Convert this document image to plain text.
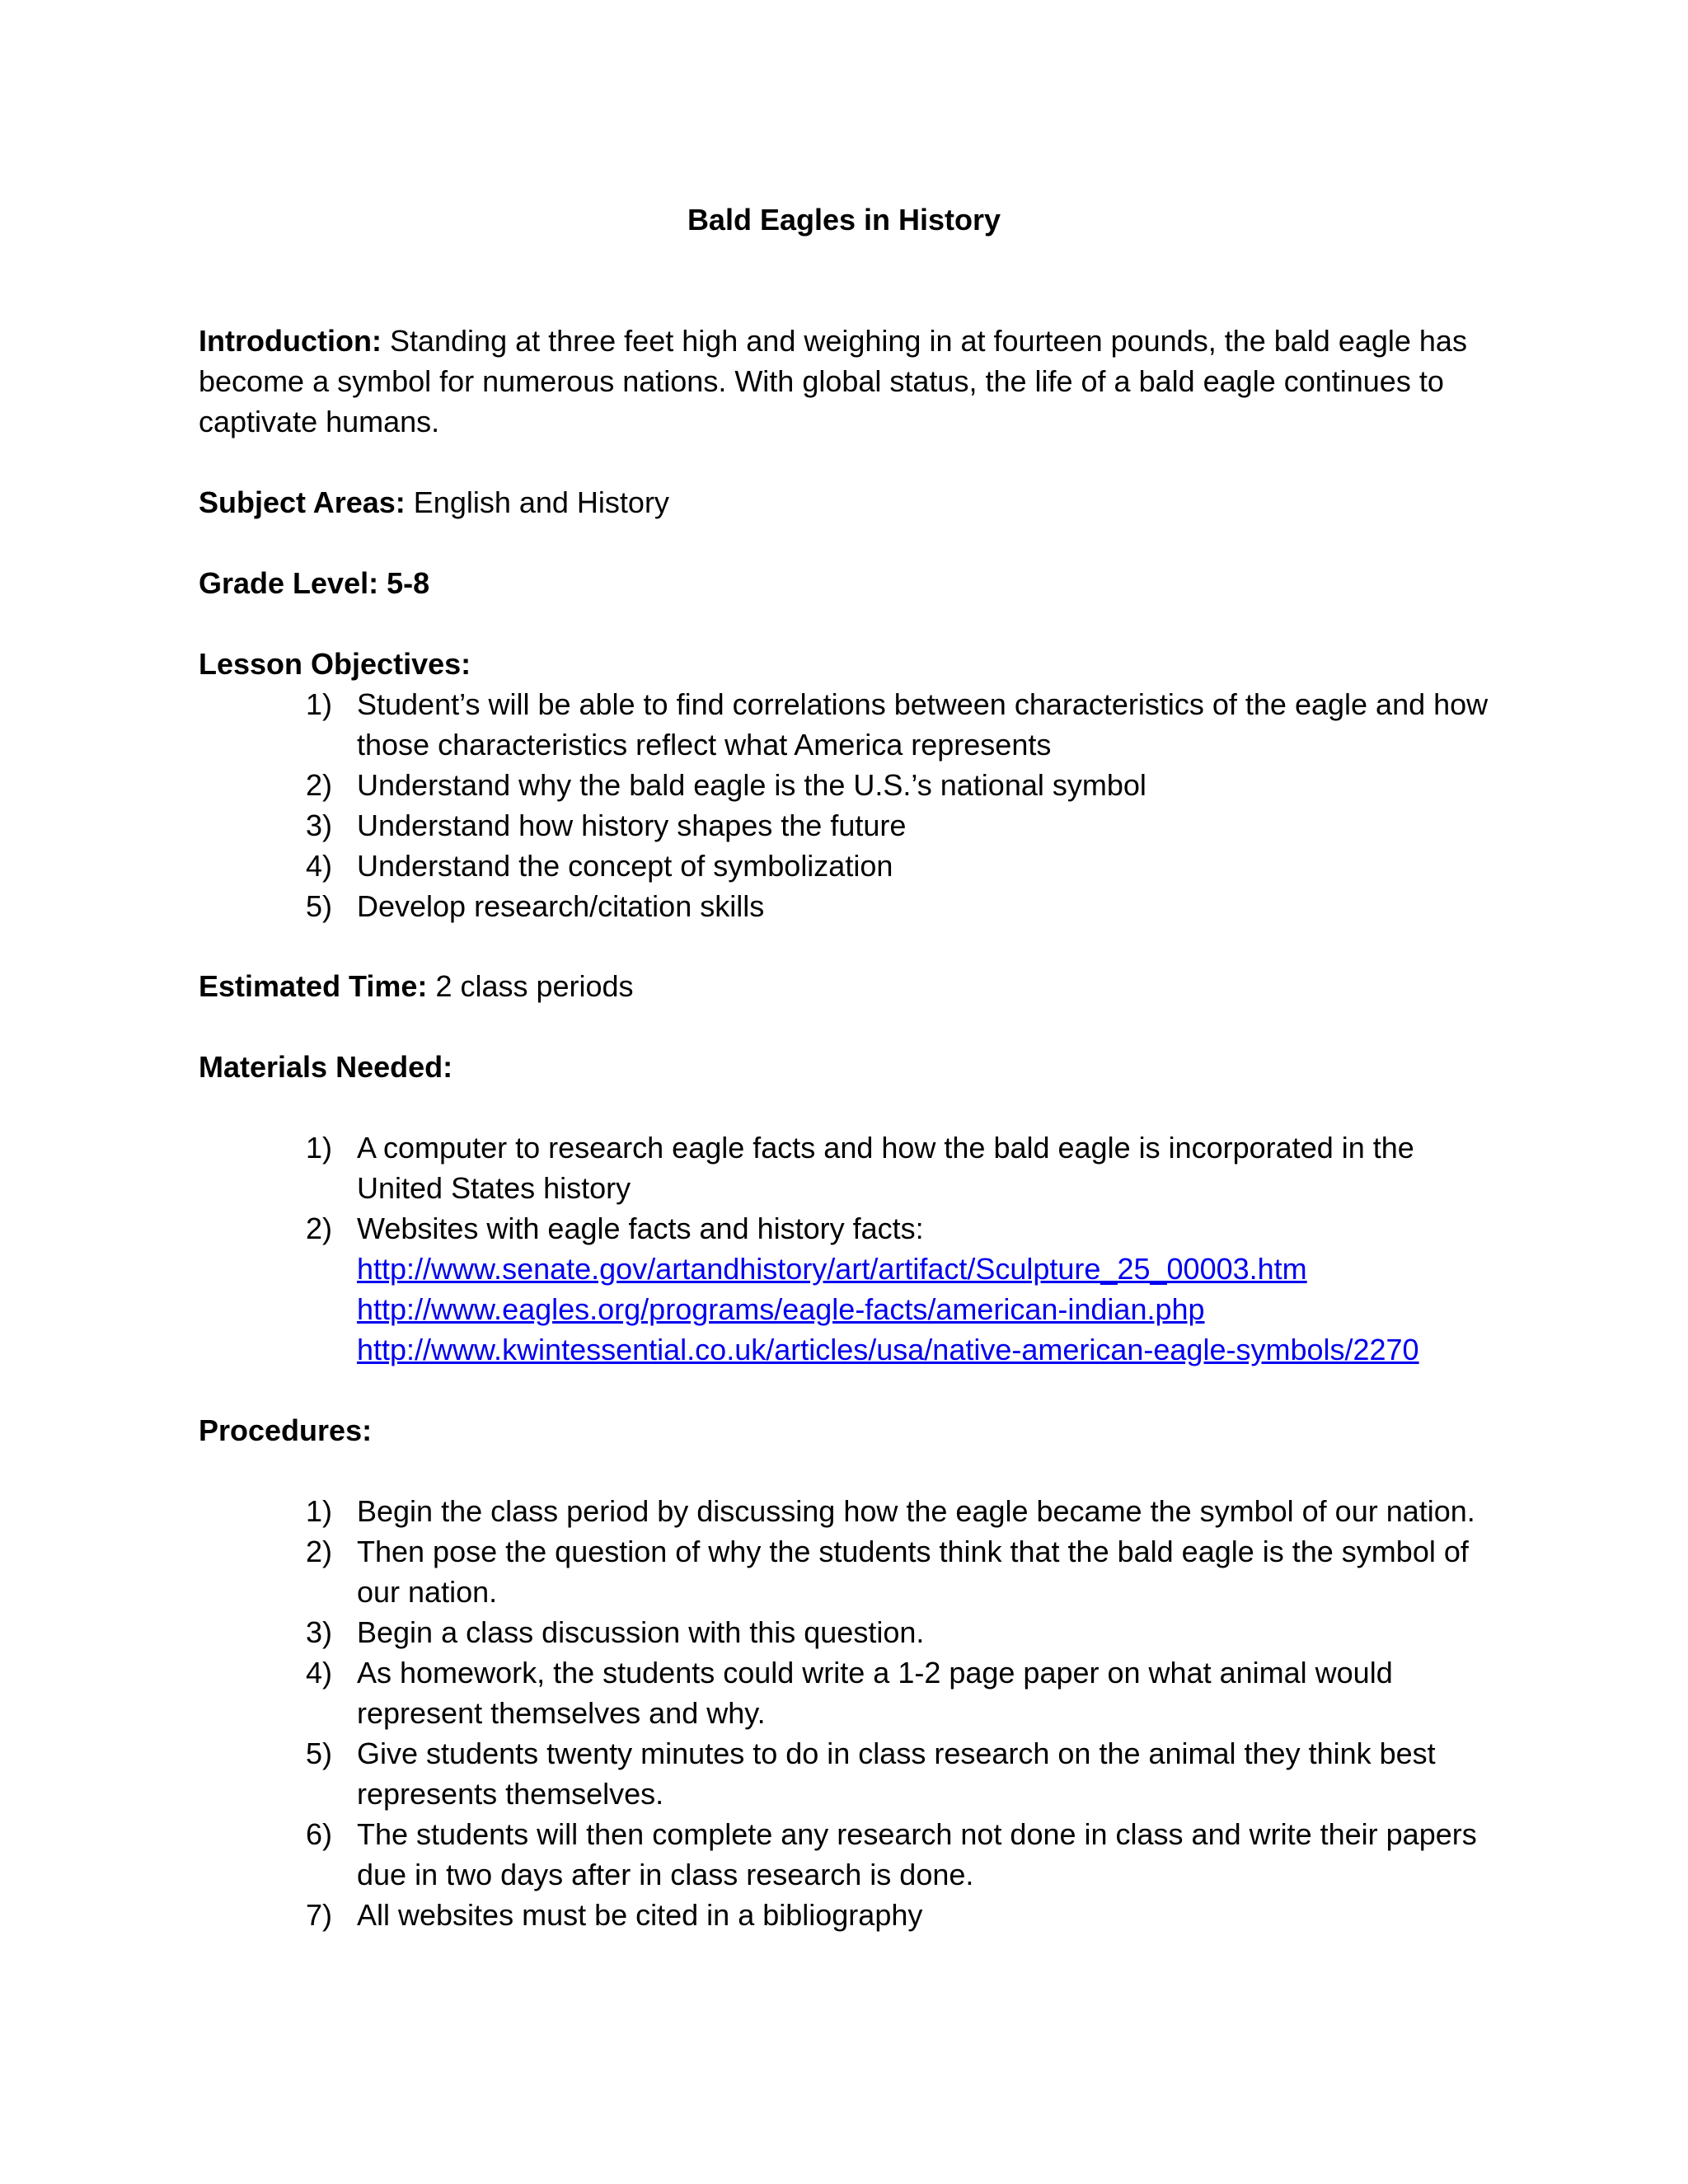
Bald Eagles in History
Introduction: Standing at three feet high and weighing in at fourteen pounds, the bald eagle has become a symbol for numerous nations. With global status, the life of a bald eagle continues to captivate humans.
Subject Areas: English and History
Grade Level: 5-8
Lesson Objectives:
1) Student’s will be able to find correlations between characteristics of the eagle and how those characteristics reflect what America represents
2) Understand why the bald eagle is the U.S.’s national symbol
3) Understand how history shapes the future
4) Understand the concept of symbolization
5) Develop research/citation skills
Estimated Time: 2 class periods
Materials Needed:
1) A computer to research eagle facts and how the bald eagle is incorporated in the United States history
2) Websites with eagle facts and history facts:
http://www.senate.gov/artandhistory/art/artifact/Sculpture_25_00003.htm
http://www.eagles.org/programs/eagle-facts/american-indian.php
http://www.kwintessential.co.uk/articles/usa/native-american-eagle-symbols/2270
Procedures:
1) Begin the class period by discussing how the eagle became the symbol of our nation.
2) Then pose the question of why the students think that the bald eagle is the symbol of our nation.
3) Begin a class discussion with this question.
4) As homework, the students could write a 1-2 page paper on what animal would represent themselves and why.
5) Give students twenty minutes to do in class research on the animal they think best represents themselves.
6) The students will then complete any research not done in class and write their papers due in two days after in class research is done.
7) All websites must be cited in a bibliography
